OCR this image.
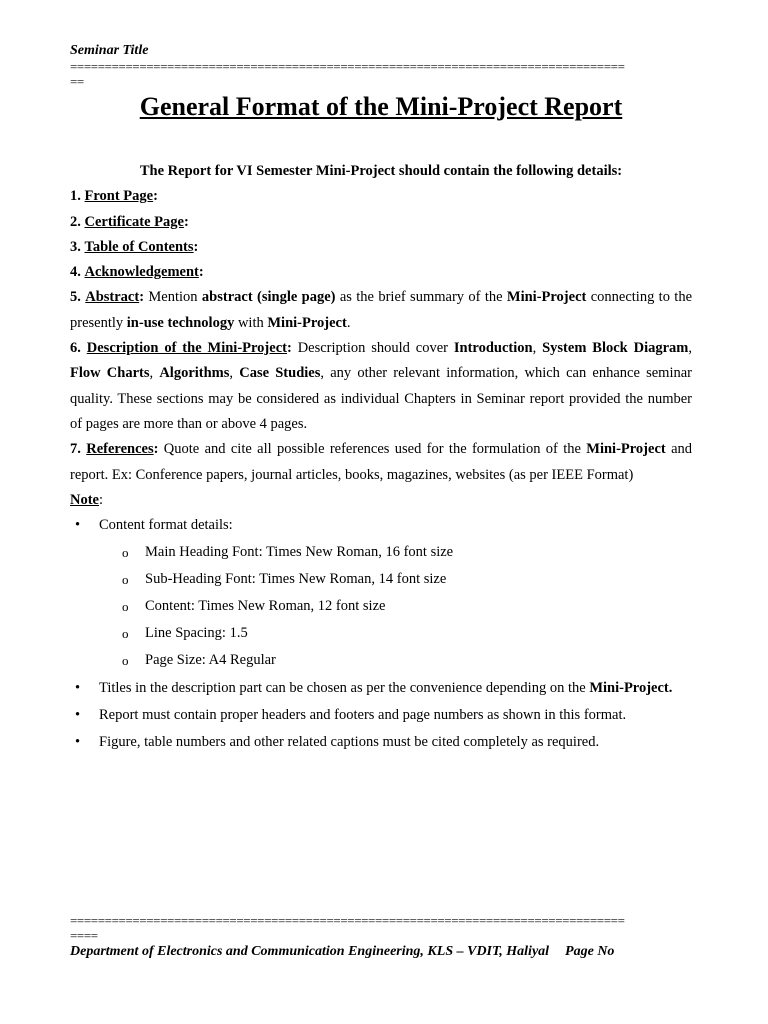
Seminar Title
================================================================================
==
General Format of the Mini-Project Report
The Report for VI Semester Mini-Project should contain the following details:
1. Front Page:
2. Certificate Page:
3. Table of Contents:
4. Acknowledgement:
5. Abstract: Mention abstract (single page) as the brief summary of the Mini-Project connecting to the presently in-use technology with Mini-Project.
6. Description of the Mini-Project: Description should cover Introduction, System Block Diagram, Flow Charts, Algorithms, Case Studies, any other relevant information, which can enhance seminar quality. These sections may be considered as individual Chapters in Seminar report provided the number of pages are more than or above 4 pages.
7. References: Quote and cite all possible references used for the formulation of the Mini-Project and report. Ex: Conference papers, journal articles, books, magazines, websites (as per IEEE Format)
Note:
• Content format details:
o Main Heading Font: Times New Roman, 16 font size
o Sub-Heading Font: Times New Roman, 14 font size
o Content: Times New Roman, 12 font size
o Line Spacing: 1.5
o Page Size: A4 Regular
• Titles in the description part can be chosen as per the convenience depending on the Mini-Project.
• Report must contain proper headers and footers and page numbers as shown in this format.
• Figure, table numbers and other related captions must be cited completely as required.
================================================================================
====
Department of Electronics and Communication Engineering, KLS – VDIT, Haliyal Page No
